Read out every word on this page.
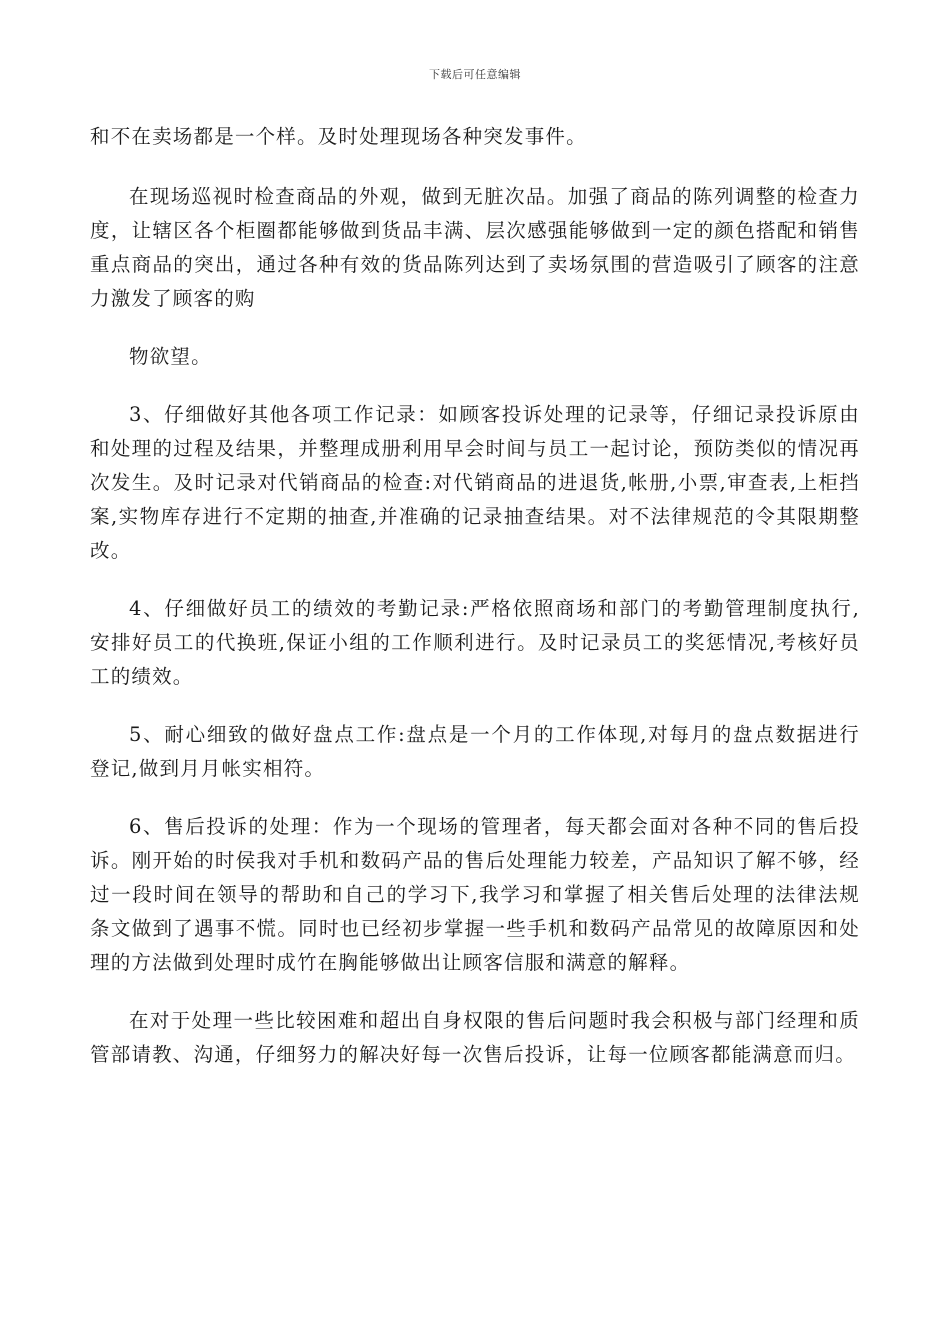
下载后可任意编辑

和不在卖场都是一个样。及时处理现场各种突发事件。

在现场巡视时检查商品的外观，做到无脏次品。加强了商品的陈列调整的检查力度，让辖区各个柜圈都能够做到货品丰满、层次感强能够做到一定的颜色搭配和销售重点商品的突出，通过各种有效的货品陈列达到了卖场氛围的营造吸引了顾客的注意力激发了顾客的购

物欲望。

3、仔细做好其他各项工作记录：如顾客投诉处理的记录等，仔细记录投诉原由和处理的过程及结果，并整理成册利用早会时间与员工一起讨论，预防类似的情况再次发生。及时记录对代销商品的检查:对代销商品的进退货,帐册,小票,审查表,上柜挡案,实物库存进行不定期的抽查,并准确的记录抽查结果。对不法律规范的令其限期整改。

4、仔细做好员工的绩效的考勤记录:严格依照商场和部门的考勤管理制度执行,安排好员工的代换班,保证小组的工作顺利进行。及时记录员工的奖惩情况,考核好员工的绩效。

5、耐心细致的做好盘点工作:盘点是一个月的工作体现,对每月的盘点数据进行登记,做到月月帐实相符。

6、售后投诉的处理：作为一个现场的管理者，每天都会面对各种不同的售后投诉。刚开始的时侯我对手机和数码产品的售后处理能力较差，产品知识了解不够，经过一段时间在领导的帮助和自己的学习下,我学习和掌握了相关售后处理的法律法规条文做到了遇事不慌。同时也已经初步掌握一些手机和数码产品常见的故障原因和处理的方法做到处理时成竹在胸能够做出让顾客信服和满意的解释。

在对于处理一些比较困难和超出自身权限的售后问题时我会积极与部门经理和质管部请教、沟通，仔细努力的解决好每一次售后投诉，让每一位顾客都能满意而归。
